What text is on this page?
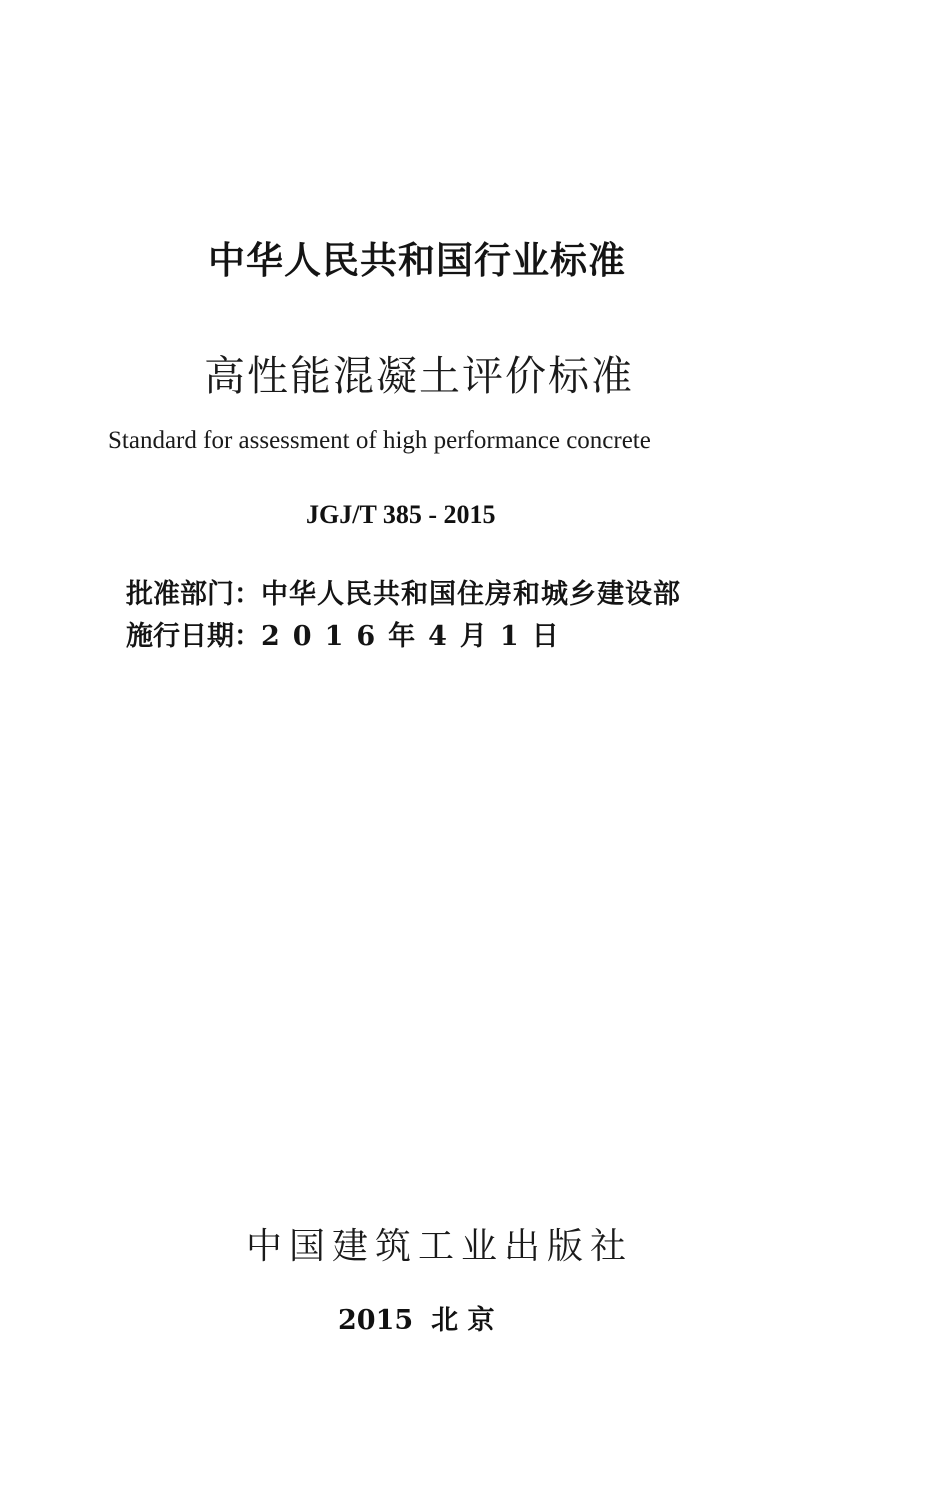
中华人民共和国行业标准
高性能混凝土评价标准
Standard for assessment of high performance concrete
JGJ/T 385 - 2015
批准部门：中华人民共和国住房和城乡建设部
施行日期：2016年4月1日
中国建筑工业出版社
2015 北 京
